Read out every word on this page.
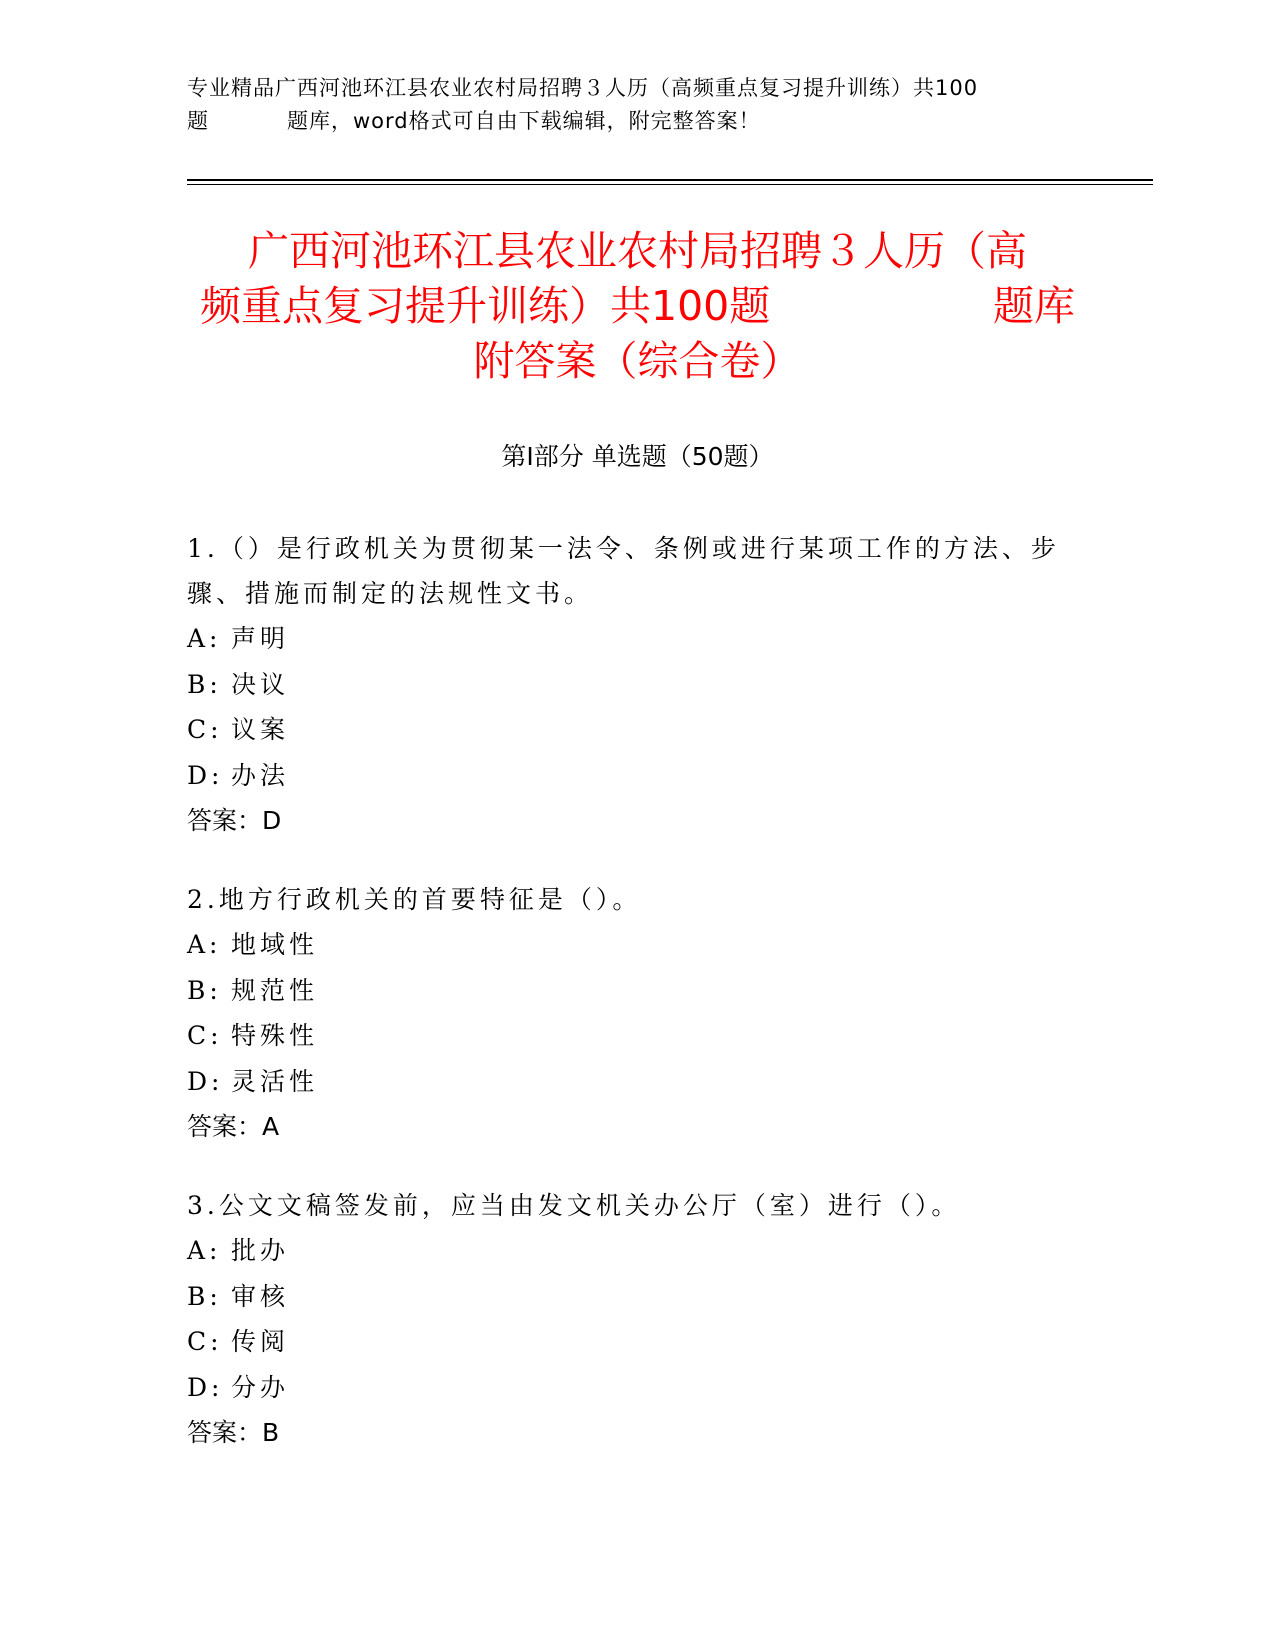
专业精品广西河池环江县农业农村局招聘３人历（高频重点复习提升训练）共100
题	题库，word格式可自由下载编辑，附完整答案！
广西河池环江县农业农村局招聘３人历（高
频重点复习提升训练）共100题	题库
附答案（综合卷）
第Ⅰ部分 单选题（50题）
1.（）是行政机关为贯彻某一法令、条例或进行某项工作的方法、步
骤、措施而制定的法规性文书。
A: 声明
B: 决议
C: 议案
D: 办法
答案：D
2.地方行政机关的首要特征是（）。
A: 地域性
B: 规范性
C: 特殊性
D: 灵活性
答案：A
3.公文文稿签发前，应当由发文机关办公厅（室）进行（）。
A: 批办
B: 审核
C: 传阅
D: 分办
答案：B
